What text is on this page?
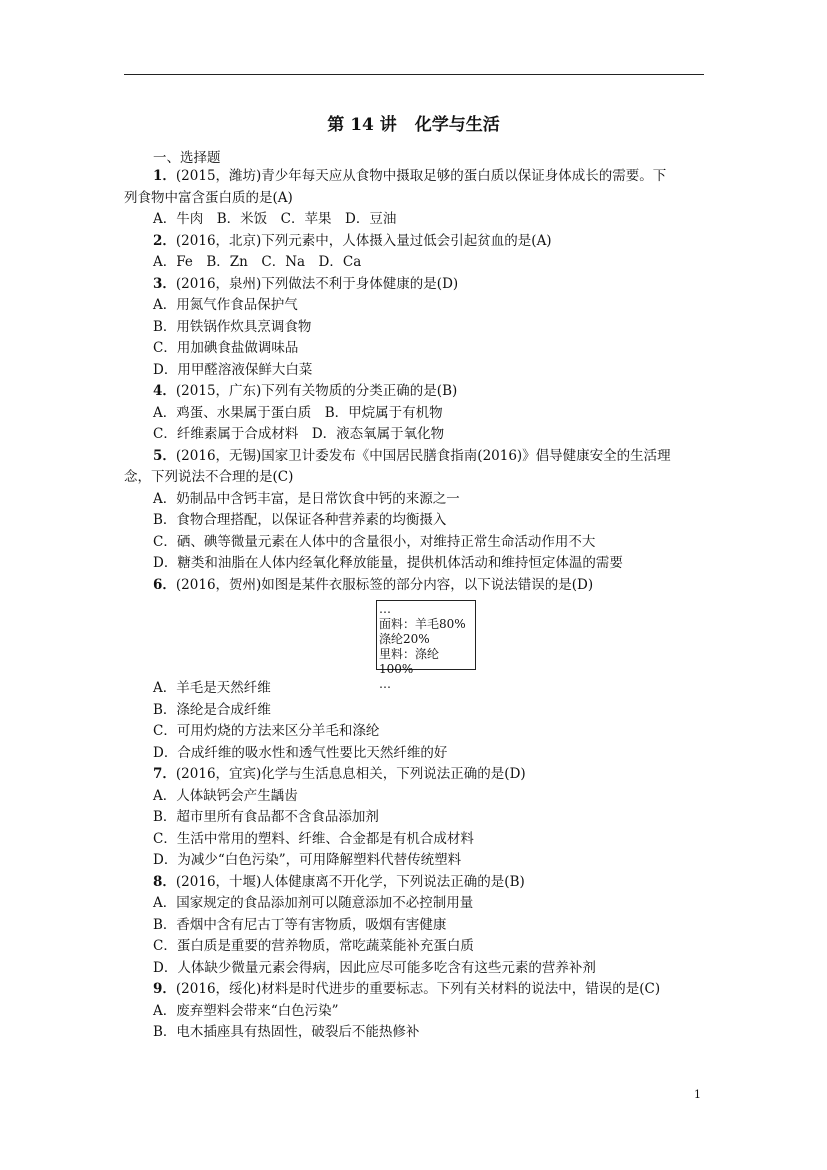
第 14 讲 化学与生活
一、选择题
1．(2015，潍坊)青少年每天应从食物中摄取足够的蛋白质以保证身体成长的需要。下
列食物中富含蛋白质的是(A)
A．牛肉　B．米饭　C．苹果　D．豆油
2．(2016，北京)下列元素中，人体摄入量过低会引起贫血的是(A)
A．Fe　B．Zn　C．Na　D．Ca
3．(2016，泉州)下列做法不利于身体健康的是(D)
A．用氮气作食品保护气
B．用铁锅作炊具烹调食物
C．用加碘食盐做调味品
D．用甲醛溶液保鲜大白菜
4．(2015，广东)下列有关物质的分类正确的是(B)
A．鸡蛋、水果属于蛋白质　B．甲烷属于有机物
C．纤维素属于合成材料　D．液态氧属于氧化物
5．(2016，无锡)国家卫计委发布《中国居民膳食指南(2016)》倡导健康安全的生活理
念，下列说法不合理的是(C)
A．奶制品中含钙丰富，是日常饮食中钙的来源之一
B．食物合理搭配，以保证各种营养素的均衡摄入
C．硒、碘等微量元素在人体中的含量很小，对维持正常生命活动作用不大
D．糖类和油脂在人体内经氧化释放能量，提供机体活动和维持恒定体温的需要
6．(2016，贺州)如图是某件衣服标签的部分内容，以下说法错误的是(D)
…
面料：羊毛80%
涤纶20%
里料：涤纶100%
…
A．羊毛是天然纤维
B．涤纶是合成纤维
C．可用灼烧的方法来区分羊毛和涤纶
D．合成纤维的吸水性和透气性要比天然纤维的好
7．(2016，宜宾)化学与生活息息相关，下列说法正确的是(D)
A．人体缺钙会产生龋齿
B．超市里所有食品都不含食品添加剂
C．生活中常用的塑料、纤维、合金都是有机合成材料
D．为减少“白色污染”，可用降解塑料代替传统塑料
8．(2016，十堰)人体健康离不开化学，下列说法正确的是(B)
A．国家规定的食品添加剂可以随意添加不必控制用量
B．香烟中含有尼古丁等有害物质，吸烟有害健康
C．蛋白质是重要的营养物质，常吃蔬菜能补充蛋白质
D．人体缺少微量元素会得病，因此应尽可能多吃含有这些元素的营养补剂
9．(2016，绥化)材料是时代进步的重要标志。下列有关材料的说法中，错误的是(C)
A．废弃塑料会带来“白色污染”
B．电木插座具有热固性，破裂后不能热修补
1
